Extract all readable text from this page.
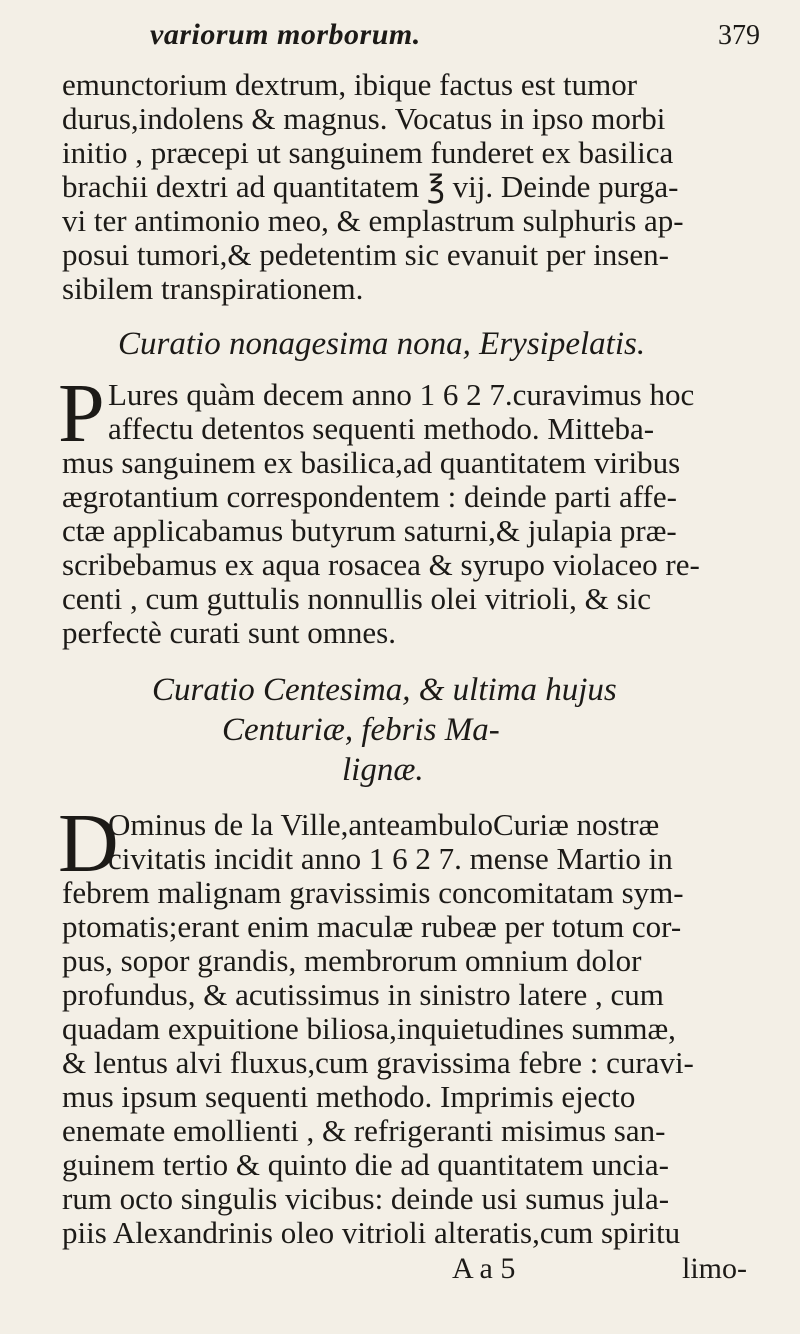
variorum morborum.	379
emunctorium dextrum, ibique factus est tumor
durus,indolens & magnus. Vocatus in ipso morbi
initio , præcepi ut sanguinem funderet ex basilica
brachii dextri ad quantitatem ℥ vij. Deinde purga-
vi ter antimonio meo, & emplastrum sulphuris ap-
posui tumori,& pedetentim sic evanuit per insen-
sibilem transpirationem.
Curatio nonagesima nona, Erysipelatis.
P Lures quàm decem anno 1 6 2 7.curavimus hoc
affectu detentos sequenti methodo. Mitteba-
mus sanguinem ex basilica,ad quantitatem viribus
ægrotantium correspondentem : deinde parti affe-
ctæ applicabamus butyrum saturni,& julapia præ-
scribebamus ex aqua rosacea & syrupo violaceo re-
centi , cum guttulis nonnullis olei vitrioli, & sic
perfectè curati sunt omnes.
Curatio Centesima, & ultima hujus
Centuriæ, febris Ma-
lignæ.
D
Ominus de la Ville,anteambuloCuriæ nostræ
civitatis incidit anno 1 6 2 7. mense Martio in
febrem malignam gravissimis concomitatam sym-
ptomatis;erant enim maculæ rubeæ per totum cor-
pus, sopor grandis, membrorum omnium dolor
profundus, & acutissimus in sinistro latere , cum
quadam expuitione biliosa,inquietudines summæ,
& lentus alvi fluxus,cum gravissima febre : curavi-
mus ipsum sequenti methodo. Imprimis ejecto
enemate emollienti , & refrigeranti misimus san-
guinem tertio & quinto die ad quantitatem uncia-
rum octo singulis vicibus: deinde usi sumus jula-
piis Alexandrinis oleo vitrioli alteratis,cum spiritu
A a 5	limo-
